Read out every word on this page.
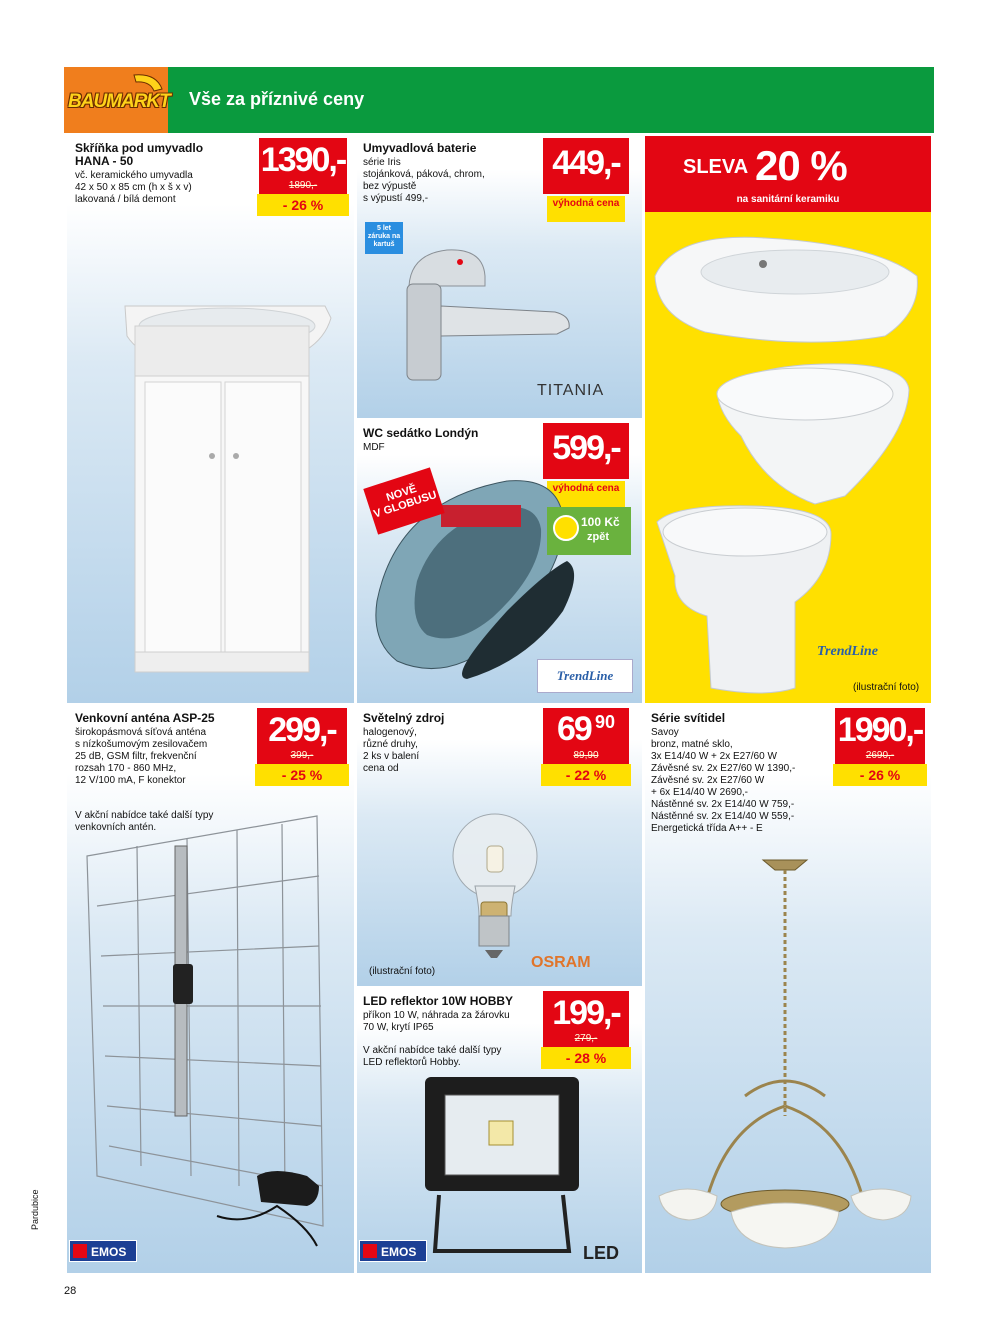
BAUMARKT Vše za příznivé ceny
Skříňka pod umyvadlo
HANA - 50
vč. keramického umyvadla
42 x 50 x 85 cm (h x š x v)
lakovaná / bílá demont
1390,-
1890,-
- 26 %
Umyvadlová baterie
série Iris
stojánková, páková, chrom,
bez výpustě
s výpustí 499,-
449,-
výhodná cena
5 let záruka na kartuš
TITANIA
WC sedátko Londýn
MDF	599,-
výhodná cena
NOVĚ
V GLOBUSU
100 Kč
zpět
TrendLine
SLEVA 20 %
na sanitární keramiku
TrendLine
(ilustrační foto)
Venkovní anténa ASP-25
širokopásmová síťová anténa
s nízkošumovým zesilovačem
25 dB, GSM filtr, frekvenční
rozsah 170 - 860 MHz,
12 V/100 mA, F konektor
V akční nabídce také další typy
venkovních antén.
299,-
399,-
- 25 %
EMOS
Světelný zdroj
halogenový,
různé druhy,
2 ks v balení
cena od
69 90
89,90
- 22 %
(ilustrační foto)
OSRAM
LED reflektor 10W HOBBY
příkon 10 W, náhrada za žárovku
70 W, krytí IP65
V akční nabídce také další typy
LED reflektorů Hobby.
199,-
279,-
- 28 %
EMOS	LED
Série svítidel
Savoy
bronz, matné sklo,
3x E14/40 W + 2x E27/60 W
Závěsné sv. 2x E27/60 W 1390,-
Závěsné sv. 2x E27/60 W
+ 6x E14/40 W 2690,-
Nástěnné sv. 2x E14/40 W 759,-
Nástěnné sv. 2x E14/40 W 559,-
Energetická třída A++ - E
1990,-
2690,-
- 26 %
Pardubice
28
